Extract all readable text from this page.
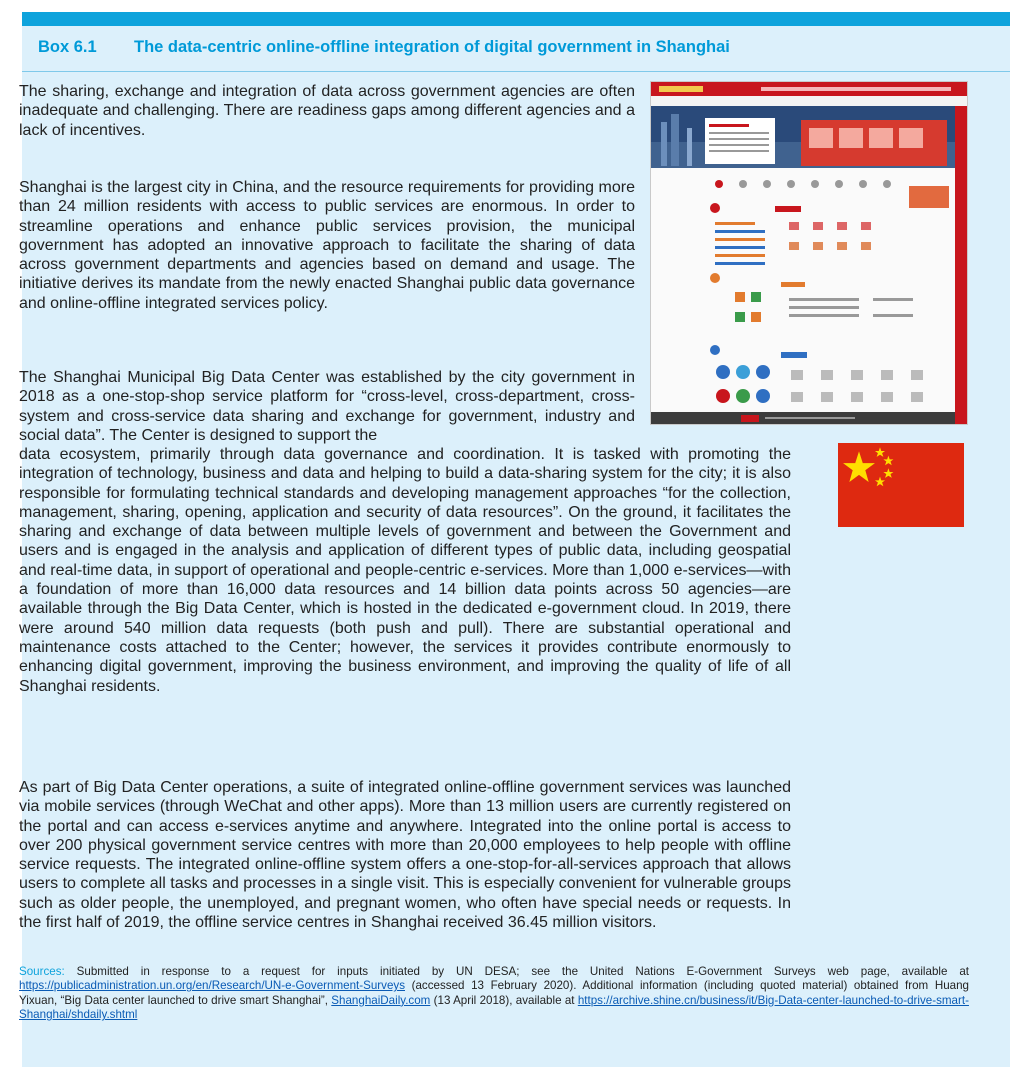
Box 6.1 The data-centric online-offline integration of digital government in Shanghai

The sharing, exchange and integration of data across government agencies are often inadequate and challenging. There are readiness gaps among different agencies and a lack of incentives.

Shanghai is the largest city in China, and the resource requirements for providing more than 24 million residents with access to public services are enormous. In order to streamline operations and enhance public services provision, the municipal government has adopted an innovative approach to facilitate the sharing of data across government departments and agencies based on demand and usage. The initiative derives its mandate from the newly enacted Shanghai public data governance and online-offline integrated services policy.

The Shanghai Municipal Big Data Center was established by the city government in 2018 as a one-stop-shop service platform for “cross-level, cross-department, cross-system and cross-service data sharing and exchange for government, industry and social data”. The Center is designed to support the

data ecosystem, primarily through data governance and coordination. It is tasked with promoting the integration of technology, business and data and helping to build a data-sharing system for the city; it is also responsible for formulating technical standards and developing management approaches “for the collection, management, sharing, opening, application and security of data resources”. On the ground, it facilitates the sharing and exchange of data between multiple levels of government and between the Government and users and is engaged in the analysis and application of different types of public data, including geospatial and real-time data, in support of operational and people-centric e-services. More than 1,000 e-services—with a foundation of more than 16,000 data resources and 14 billion data points across 50 agencies—are available through the Big Data Center, which is hosted in the dedicated e-government cloud. In 2019, there were around 540 million data requests (both push and pull). There are substantial operational and maintenance costs attached to the Center; however, the services it provides contribute enormously to enhancing digital government, improving the business environment, and improving the quality of life of all Shanghai residents.

As part of Big Data Center operations, a suite of integrated online-offline government services was launched via mobile services (through WeChat and other apps). More than 13 million users are currently registered on the portal and can access e-services anytime and anywhere. Integrated into the online portal is access to over 200 physical government service centres with more than 20,000 employees to help people with offline service requests. The integrated online-offline system offers a one-stop-for-all-services approach that allows users to complete all tasks and processes in a single visit. This is especially convenient for vulnerable groups such as older people, the unemployed, and pregnant women, who often have special needs or requests. In the first half of 2019, the offline service centres in Shanghai received 36.45 million visitors.

Sources: Submitted in response to a request for inputs initiated by UN DESA; see the United Nations E-Government Surveys web page, available at https://publicadministration.un.org/en/Research/UN-e-Government-Surveys (accessed 13 February 2020). Additional information (including quoted material) obtained from Huang Yixuan, “Big Data center launched to drive smart Shanghai”, ShanghaiDaily.com (13 April 2018), available at https://archive.shine.cn/business/it/Big-Data-center-launched-to-drive-smart-Shanghai/shdaily.shtml
